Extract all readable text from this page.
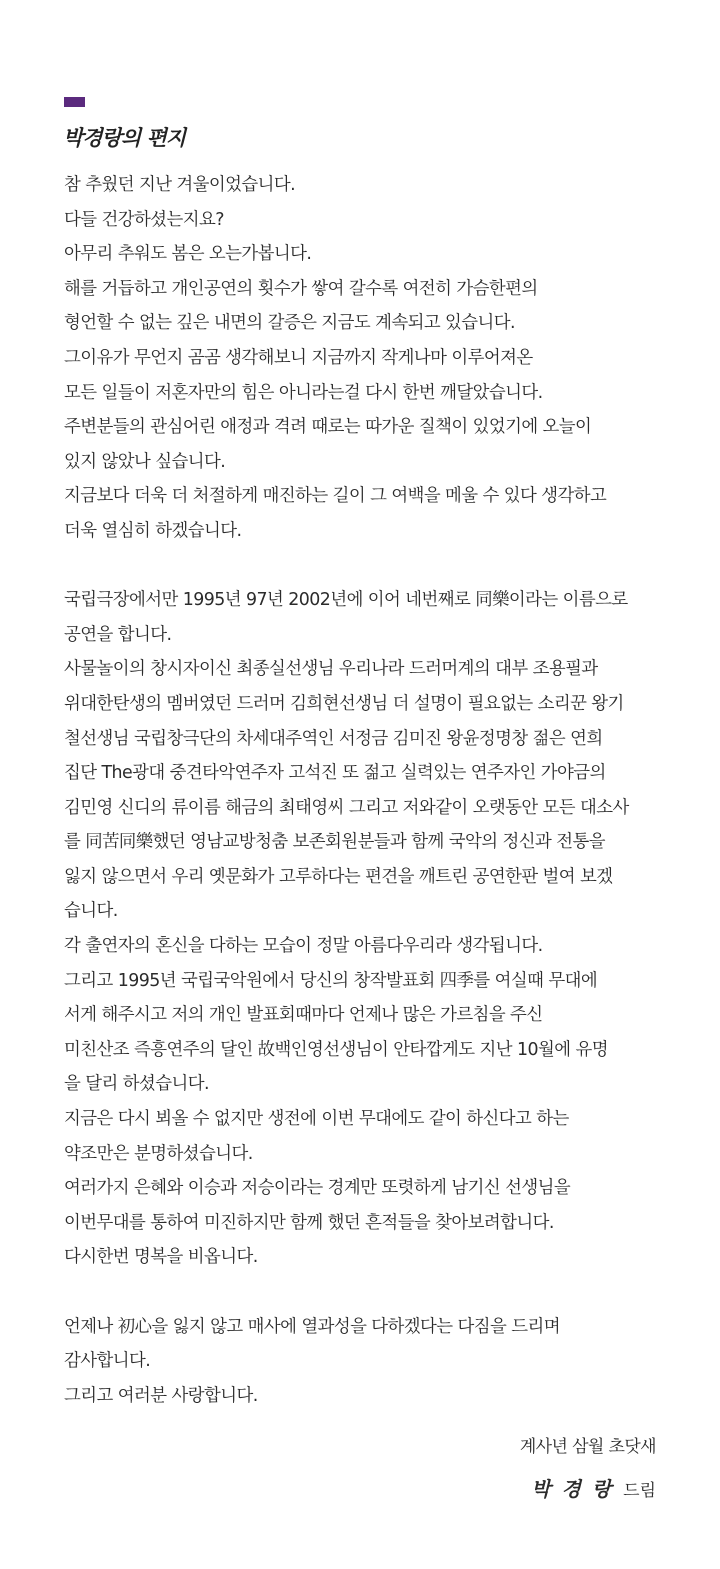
박경랑의 편지
참 추웠던 지난 겨울이었습니다.
다들 건강하셨는지요?
아무리 추워도 봄은 오는가봅니다.
해를 거듭하고 개인공연의 횟수가 쌓여 갈수록 여전히 가슴한편의
형언할 수 없는 깊은 내면의 갈증은 지금도 계속되고 있습니다.
그이유가 무언지 곰곰 생각해보니 지금까지 작게나마 이루어져온
모든 일들이 저혼자만의 힘은 아니라는걸 다시 한번 깨달았습니다.
주변분들의 관심어린 애정과 격려 때로는 따가운 질책이 있었기에 오늘이
있지 않았나 싶습니다.
지금보다 더욱 더 처절하게 매진하는 길이 그 여백을 메울 수 있다 생각하고
더욱 열심히 하겠습니다.
국립극장에서만 1995년 97년 2002년에 이어 네번째로 同樂이라는 이름으로
공연을 합니다.
사물놀이의 창시자이신 최종실선생님 우리나라 드러머계의 대부 조용필과
위대한탄생의 멤버였던 드러머 김희현선생님 더 설명이 필요없는 소리꾼 왕기
철선생님 국립창극단의 차세대주역인 서정금 김미진 왕윤정명창 젊은 연희
집단 The광대 중견타악연주자 고석진 또 젊고 실력있는 연주자인 가야금의
김민영 신디의 류이름 해금의 최태영씨 그리고 저와같이 오랫동안 모든 대소사
를 同苦同樂했던 영남교방청춤 보존회원분들과 함께 국악의 정신과 전통을
잃지 않으면서 우리 옛문화가 고루하다는 편견을 깨트린 공연한판 벌여 보겠
습니다.
각 출연자의 혼신을 다하는 모습이 정말 아름다우리라 생각됩니다.
그리고 1995년 국립국악원에서 당신의 창작발표회 四季를 여실때 무대에
서게 해주시고 저의 개인 발표회때마다 언제나 많은 가르침을 주신
미친산조 즉흥연주의 달인 故백인영선생님이 안타깝게도 지난 10월에 유명
을 달리 하셨습니다.
지금은 다시 뵈올 수 없지만 생전에 이번 무대에도 같이 하신다고 하는
약조만은 분명하셨습니다.
여러가지 은혜와 이승과 저승이라는 경계만 또렷하게 남기신 선생님을
이번무대를 통하여 미진하지만 함께 했던 흔적들을 찾아보려합니다.
다시한번 명복을 비옵니다.
언제나 初心을 잃지 않고 매사에 열과성을 다하겠다는 다짐을 드리며
감사합니다.
그리고 여러분 사랑합니다.
계사년 삼월 초닷새
박 경 랑 드림
